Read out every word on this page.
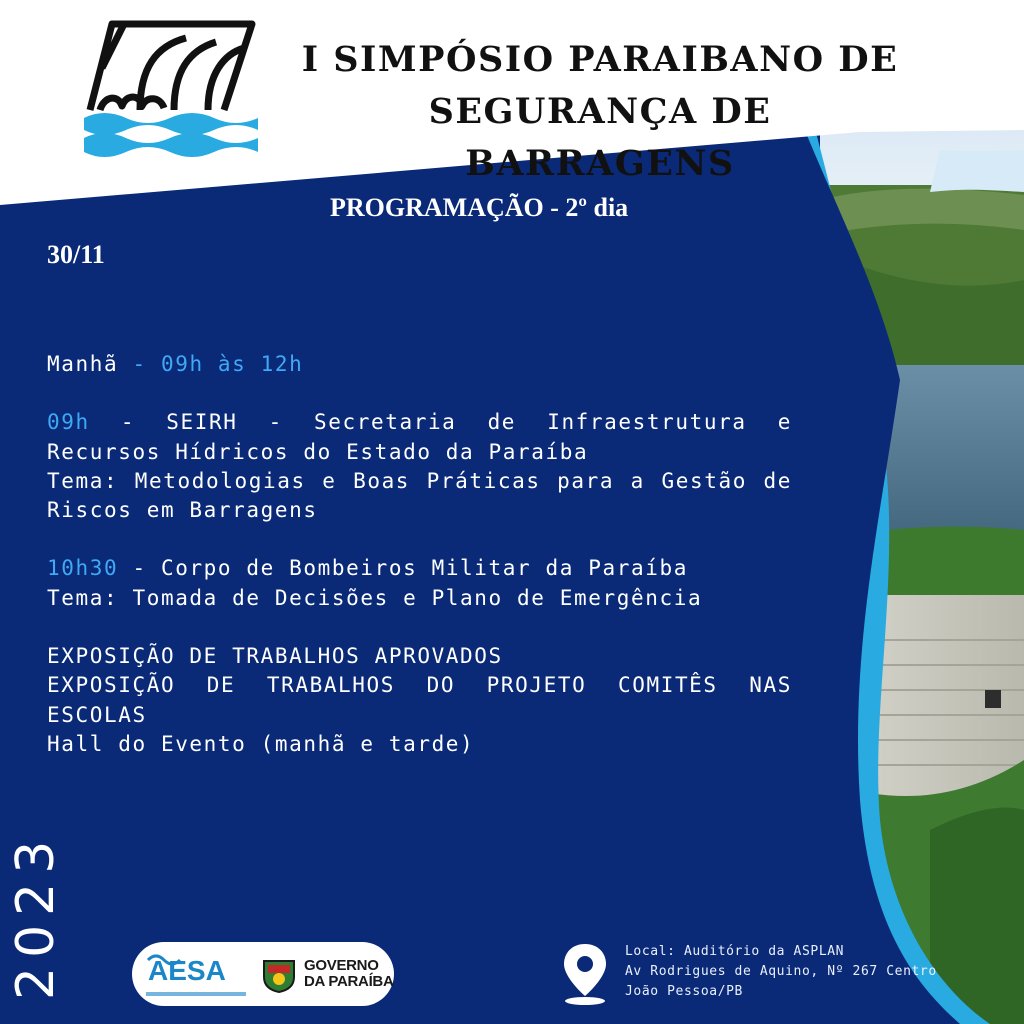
I SIMPÓSIO PARAIBANO DE
SEGURANÇA DE BARRAGENS
PROGRAMAÇÃO - 2º dia
30/11

Manhã - 09h às 12h

09h - SEIRH - Secretaria de Infraestrutura e Recursos Hídricos do Estado da Paraíba

Tema: Metodologias e Boas Práticas para a Gestão de Riscos em Barragens

10h30 - Corpo de Bombeiros Militar da Paraíba

Tema: Tomada de Decisões e Plano de Emergência

EXPOSIÇÃO DE TRABALHOS APROVADOS

EXPOSIÇÃO DE TRABALHOS DO PROJETO COMITÊS NAS ESCOLAS

Hall do Evento (manhã e tarde)

2023	AESA	GOVERNO
DA PARAÍBA
Local: Auditório da ASPLAN
Av Rodrigues de Aquino, Nº 267 Centro
João Pessoa/PB
